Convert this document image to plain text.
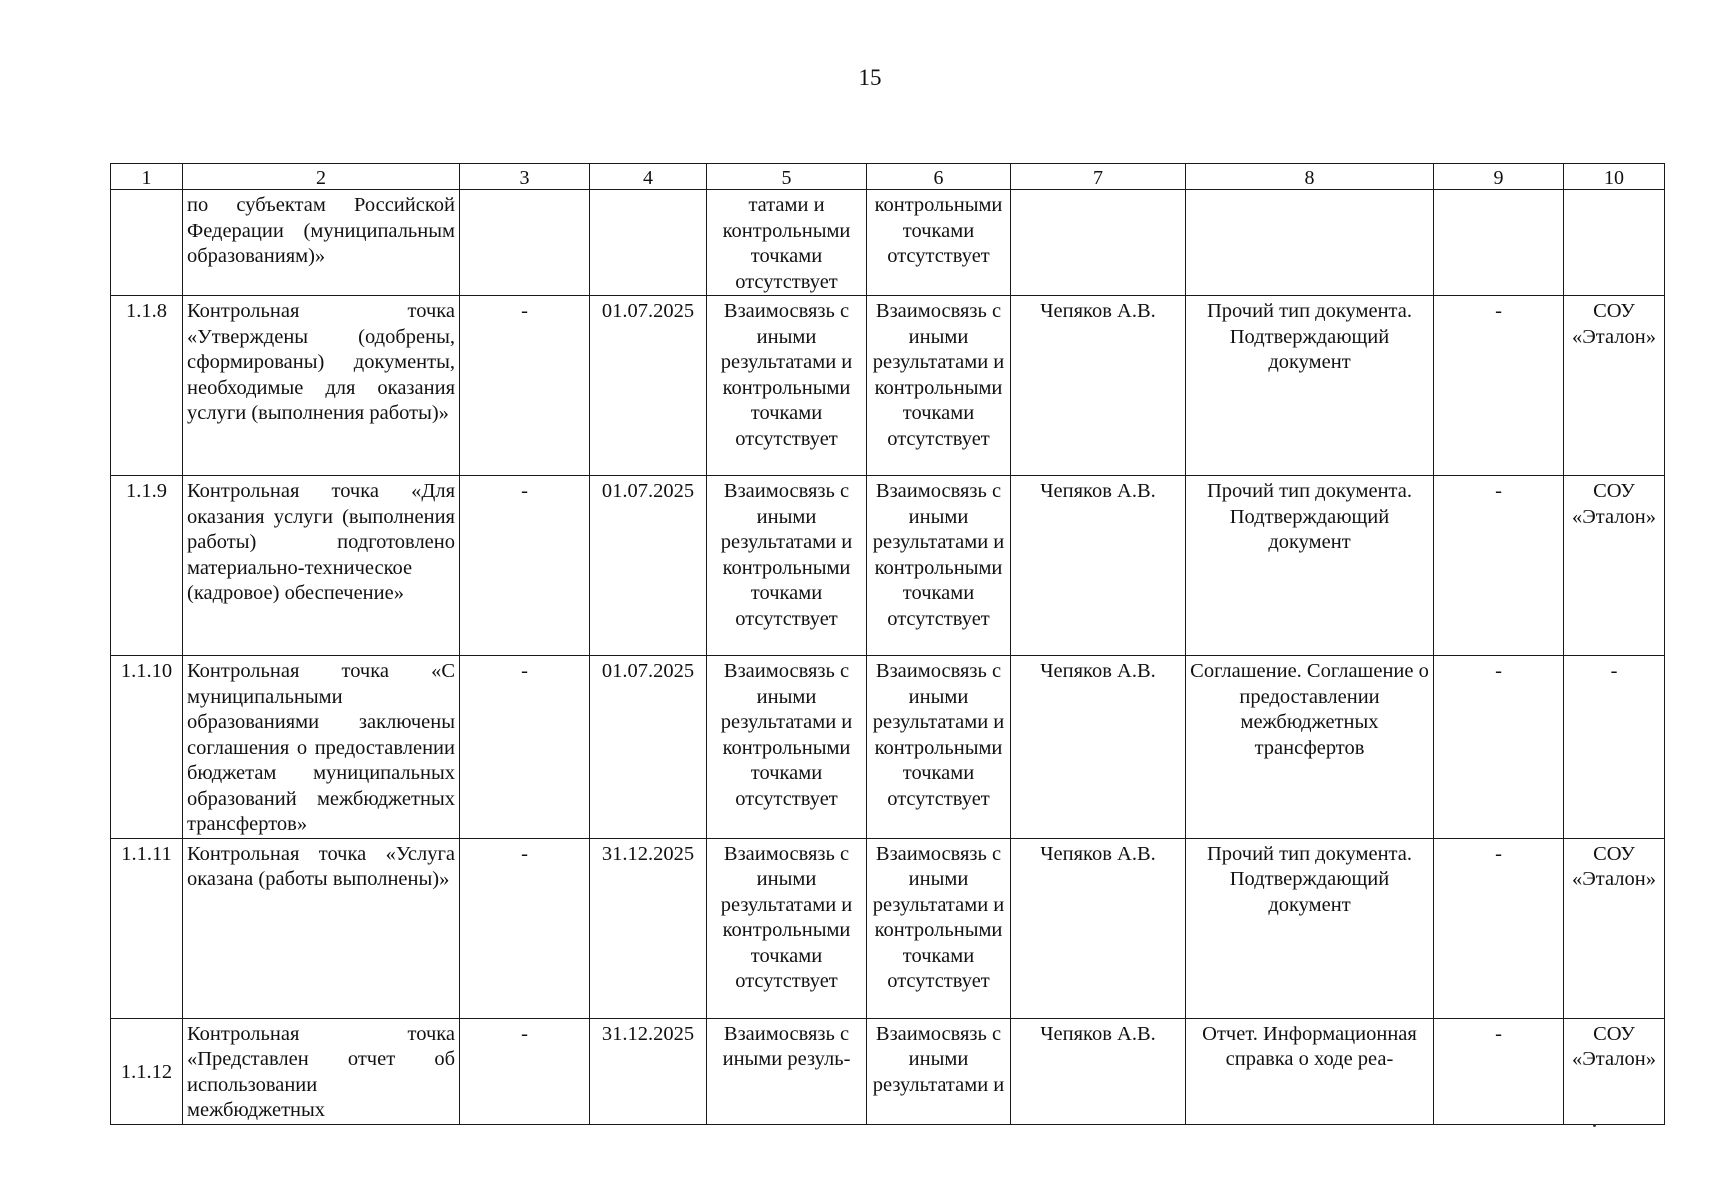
15
1	2	3	4	5	6	7	8	9	10
	по субъектам Российской Федерации (муниципальным образованиям)»			татами и контрольными точками отсутствует	контрольными точками отсутствует				
1.1.8	Контрольная точка «Утверждены (одобрены, сформированы) документы, необходимые для оказания услуги (выполнения работы)»	-	01.07.2025	Взаимосвязь с иными результатами и контрольными точками отсутствует	Взаимосвязь с иными результатами и контрольными точками отсутствует	Чепяков А.В.	Прочий тип документа. Подтверждающий документ	-	СОУ «Эталон»
1.1.9	Контрольная точка «Для оказания услуги (выполнения работы) подготовлено материально-техническое (кадровое) обеспечение»	-	01.07.2025	Взаимосвязь с иными результатами и контрольными точками отсутствует	Взаимосвязь с иными результатами и контрольными точками отсутствует	Чепяков А.В.	Прочий тип документа. Подтверждающий документ	-	СОУ «Эталон»
1.1.10	Контрольная точка «С муниципальными образованиями заключены соглашения о предоставлении бюджетам муниципальных образований межбюджетных трансфертов»	-	01.07.2025	Взаимосвязь с иными результатами и контрольными точками отсутствует	Взаимосвязь с иными результатами и контрольными точками отсутствует	Чепяков А.В.	Соглашение. Соглашение о предоставлении межбюджетных трансфертов	-	-
1.1.11	Контрольная точка «Услуга оказана (работы выполнены)»	-	31.12.2025	Взаимосвязь с иными результатами и контрольными точками отсутствует	Взаимосвязь с иными результатами и контрольными точками отсутствует	Чепяков А.В.	Прочий тип документа. Подтверждающий документ	-	СОУ «Эталон»
1.1.12	Контрольная точка «Представлен отчет об использовании межбюджетных	-	31.12.2025	Взаимосвязь с иными резуль-	Взаимосвязь с иными результатами и	Чепяков А.В.	Отчет. Информационная справка о ходе реа-	-	СОУ «Эталон»
